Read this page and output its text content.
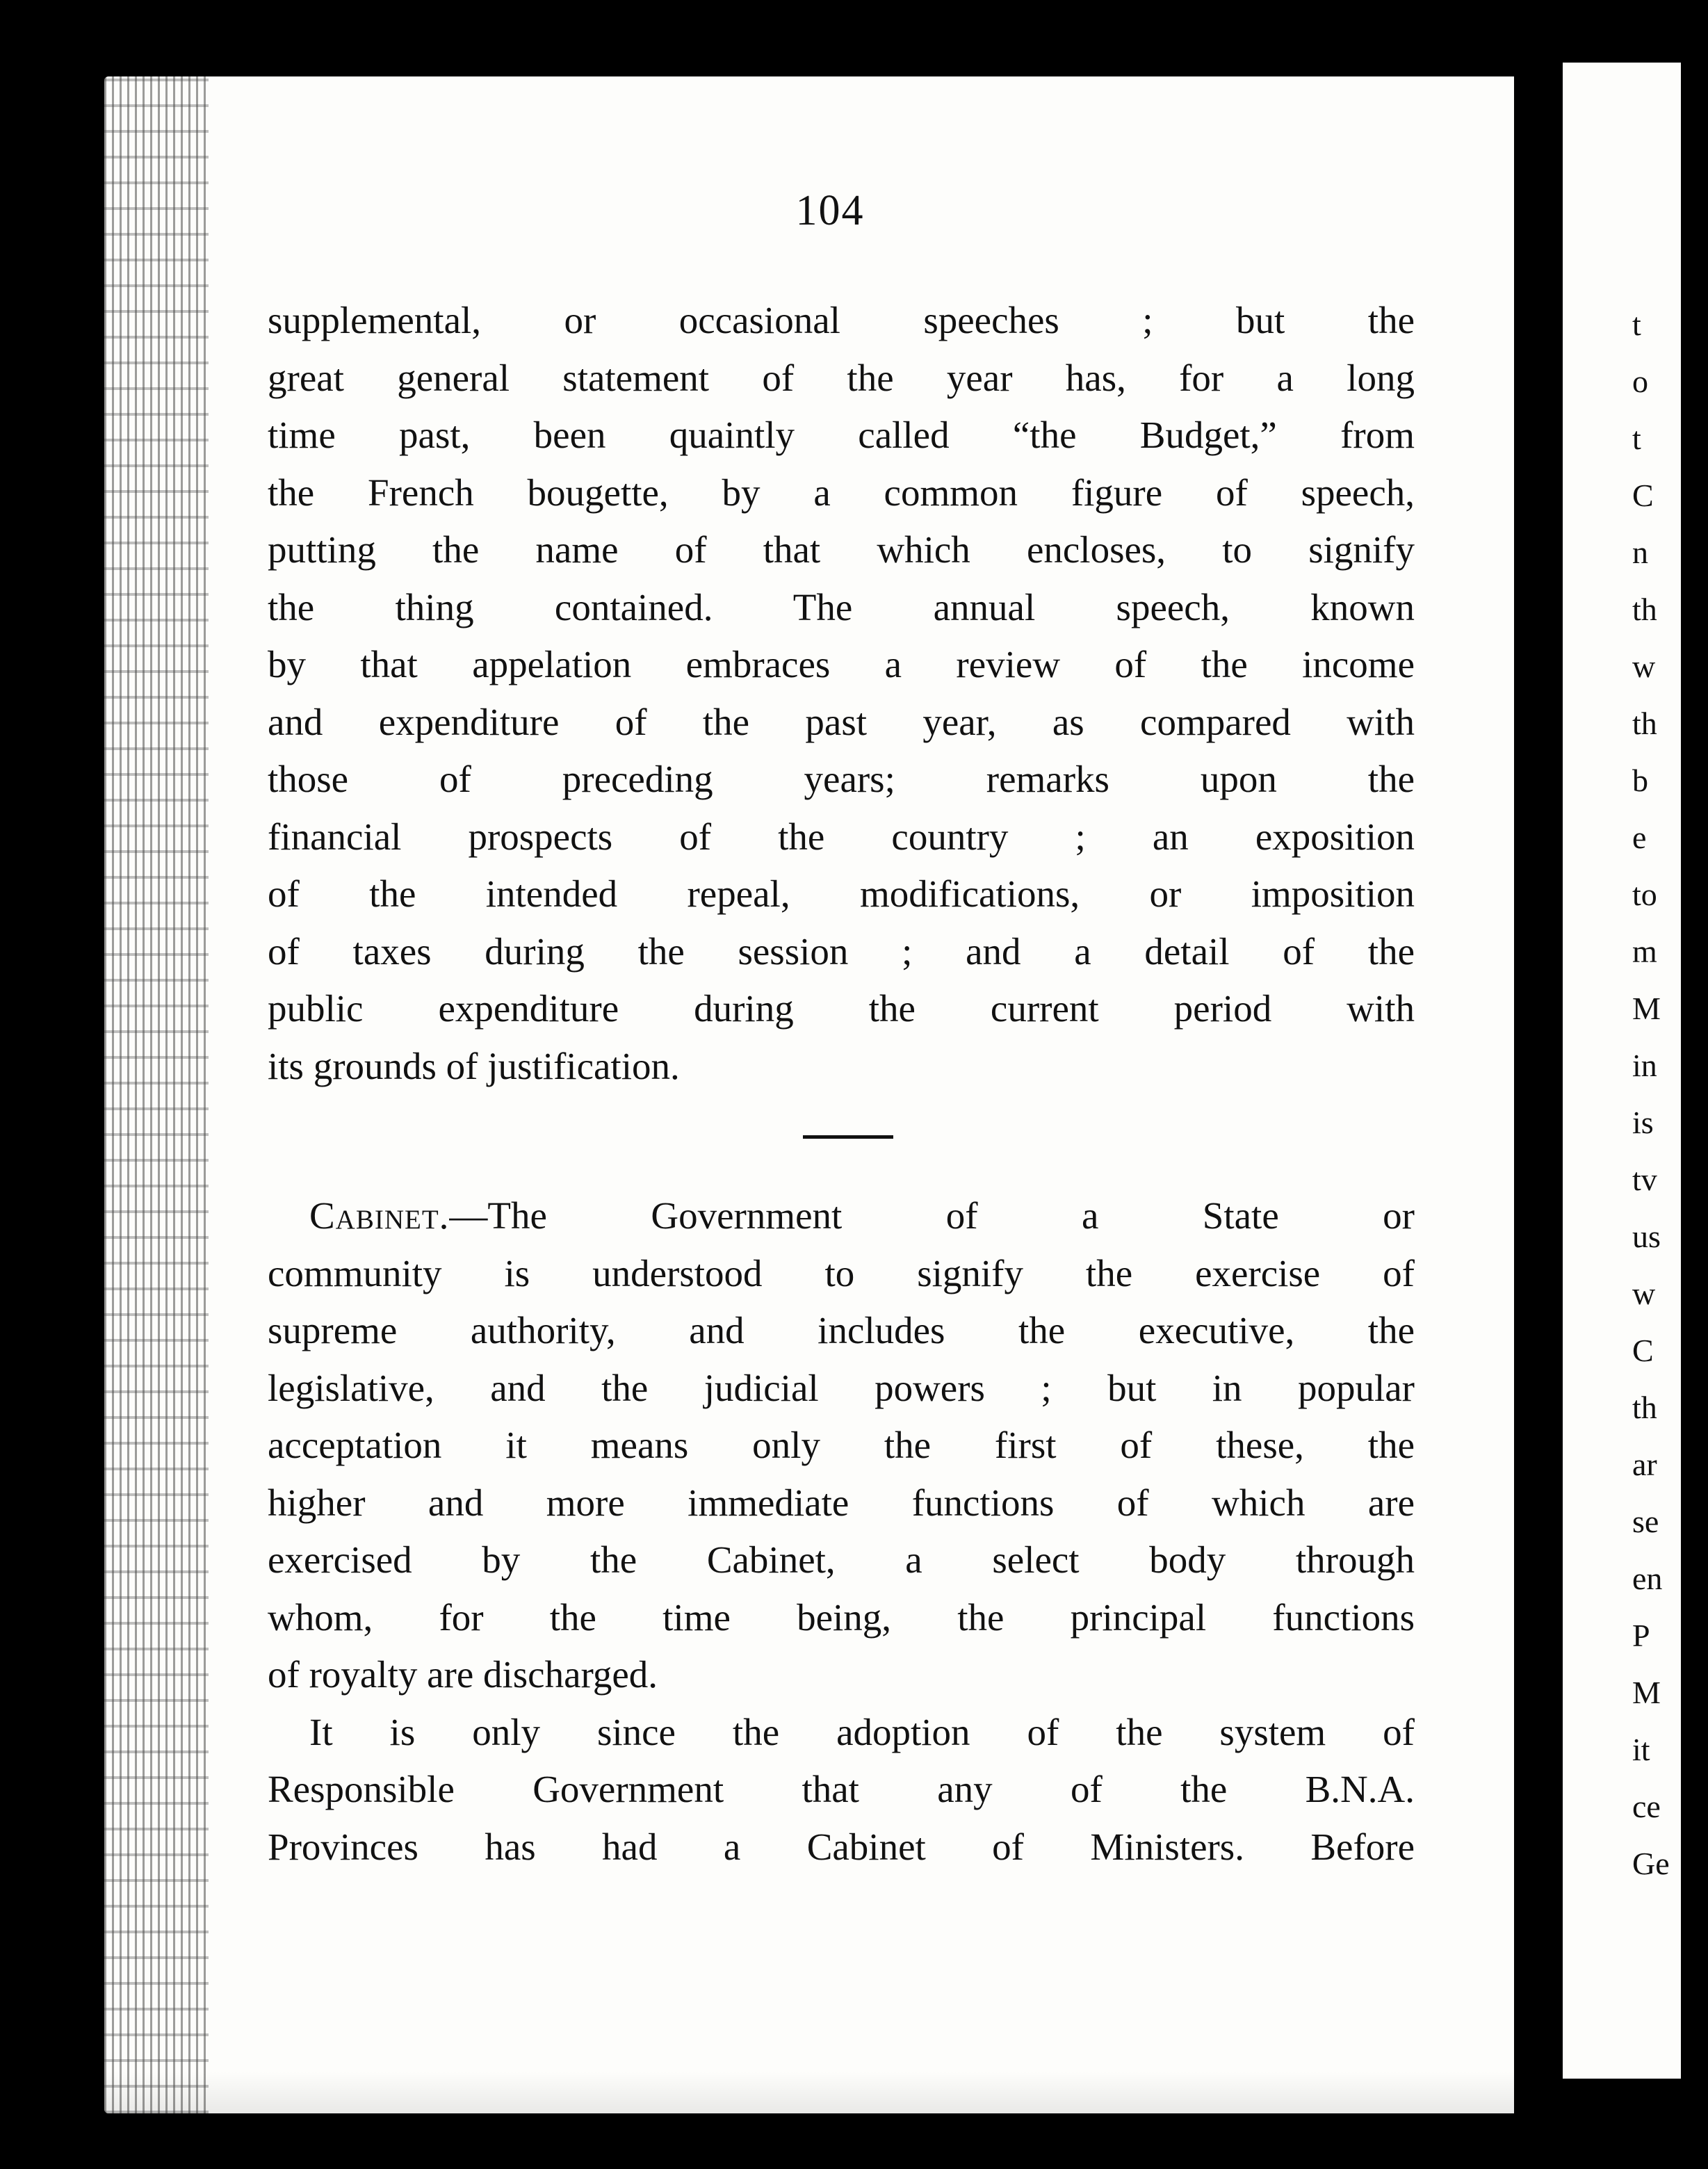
104

supplemental, or occasional speeches ; but the
great general statement of the year has, for a long
time past, been quaintly called “the Budget,” from
the French bougette, by a common figure of speech,
putting the name of that which encloses, to signify
the thing contained. The annual speech, known
by that appelation embraces a review of the income
and expenditure of the past year, as compared with
those of preceding years; remarks upon the
financial prospects of the country ; an exposition
of the intended repeal, modifications, or imposition
of taxes during the session ; and a detail of the
public expenditure during the current period with
its grounds of justification.

Cabinet.—The Government of a State or
community is understood to signify the exercise of
supreme authority, and includes the executive, the
legislative, and the judicial powers ; but in popular
acceptation it means only the first of these, the
higher and more immediate functions of which are
exercised by the Cabinet, a select body through
whom, for the time being, the principal functions
of royalty are discharged.

It is only since the adoption of the system of
Responsible Government that any of the B.N.A.
Provinces has had a Cabinet of Ministers. Before

t
o
t
C
n
th
w
th
b
e
to
m
M
in
is
tv
us
w
C
th
ar
se
en
P
M
it
ce
Ge
